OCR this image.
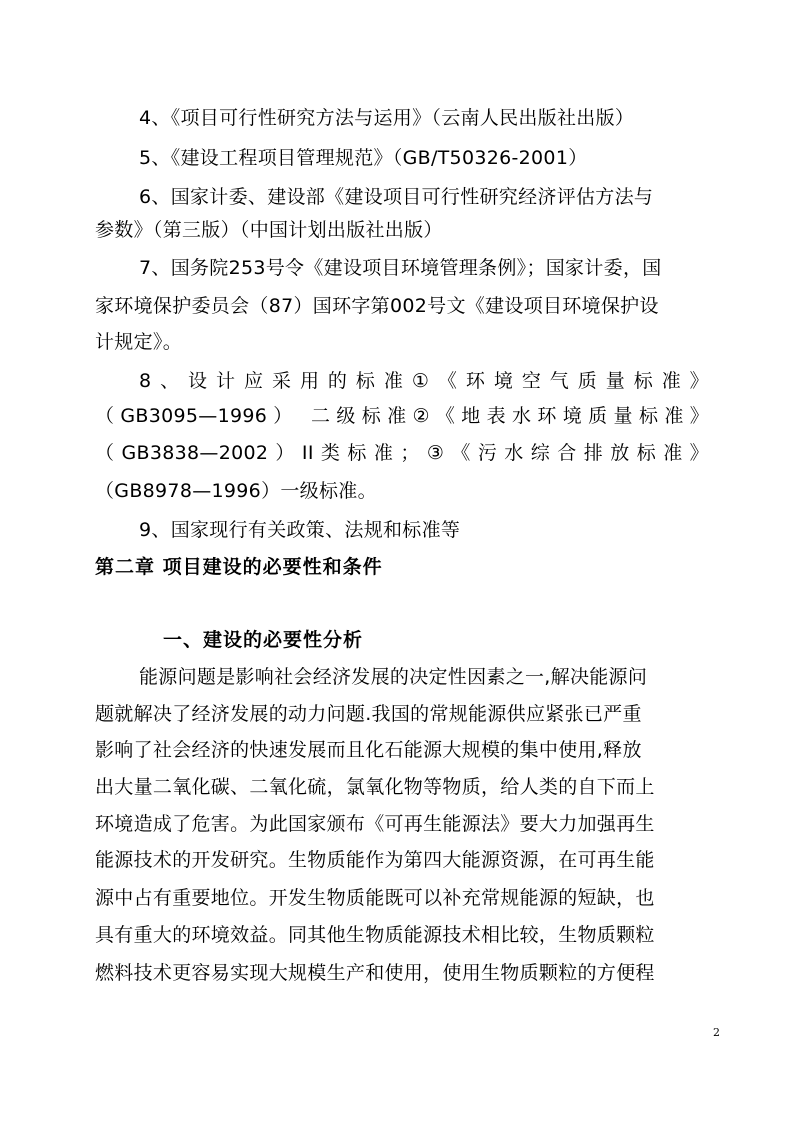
4、《项目可行性研究方法与运用》（云南人民出版社出版）
5、《建设工程项目管理规范》（GB/T50326-2001）
6、国家计委、建设部《建设项目可行性研究经济评估方法与
参数》（第三版）（中国计划出版社出版）
7、国务院253号令《建设项目环境管理条例》；国家计委，国
家环境保护委员会（87）国环字第002号文《建设项目环境保护设
计规定》。
8、设计应采用的标准①《环境空气质量标准》
（GB3095—1996） 二级标准②《地表水环境质量标准》
（GB3838—2002）II类标准；③《污水综合排放标准》
（GB8978—1996）一级标准。
9、国家现行有关政策、法规和标准等
第二章 项目建设的必要性和条件
一、建设的必要性分析
能源问题是影响社会经济发展的决定性因素之一,解决能源问
题就解决了经济发展的动力问题.我国的常规能源供应紧张已严重
影响了社会经济的快速发展而且化石能源大规模的集中使用,释放
出大量二氧化碳、二氧化硫，氯氧化物等物质，给人类的自下而上
环境造成了危害。为此国家颁布《可再生能源法》要大力加强再生
能源技术的开发研究。生物质能作为第四大能源资源，在可再生能
源中占有重要地位。开发生物质能既可以补充常规能源的短缺，也
具有重大的环境效益。同其他生物质能源技术相比较，生物质颗粒
燃料技术更容易实现大规模生产和使用，使用生物质颗粒的方便程
2
